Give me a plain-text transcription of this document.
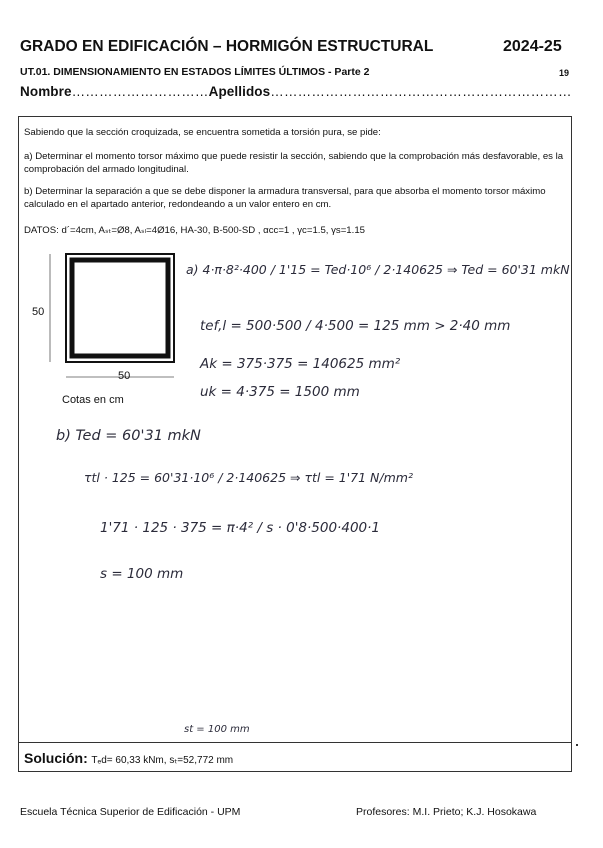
GRADO EN EDIFICACIÓN – HORMIGÓN ESTRUCTURAL	2024-25
UT.01. DIMENSIONAMIENTO EN ESTADOS LÍMITES ÚLTIMOS - Parte 2	19
Nombre…………………………Apellidos…………………………………………………………
Sabiendo que la sección croquizada, se encuentra sometida a torsión pura, se pide:
a) Determinar el momento torsor máximo que puede resistir la sección, sabiendo que la comprobación más desfavorable, es la comprobación del armado longitudinal.
b) Determinar la separación a que se debe disponer la armadura transversal, para que absorba el momento torsor máximo calculado en el apartado anterior, redondeando a un valor entero en cm.
DATOS: d´=4cm, Aₛₜ=Ø8, Aₛₗ=4Ø16, HA-30, B-500-SD , αcc=1 , γc=1.5, γs=1.15
50
50
Cotas en cm
a) 4·π·8²·400 / 1'15 = Ted·10⁶ / 2·140625 ⇒ Ted = 60'31 mkN
tef,l = 500·500 / 4·500 = 125 mm > 2·40 mm
Ak = 375·375 = 140625 mm²
uk = 4·375 = 1500 mm
b) Ted = 60'31 mkN
τtl · 125 = 60'31·10⁶ / 2·140625 ⇒ τtl = 1'71 N/mm²
1'71 · 125 · 375 = π·4² / s · 0'8·500·400·1
s = 100 mm
st = 100 mm
Solución: Tₑd= 60,33 kNm, sₜ=52,772 mm
Escuela Técnica Superior de Edificación - UPM	Profesores: M.I. Prieto; K.J. Hosokawa
